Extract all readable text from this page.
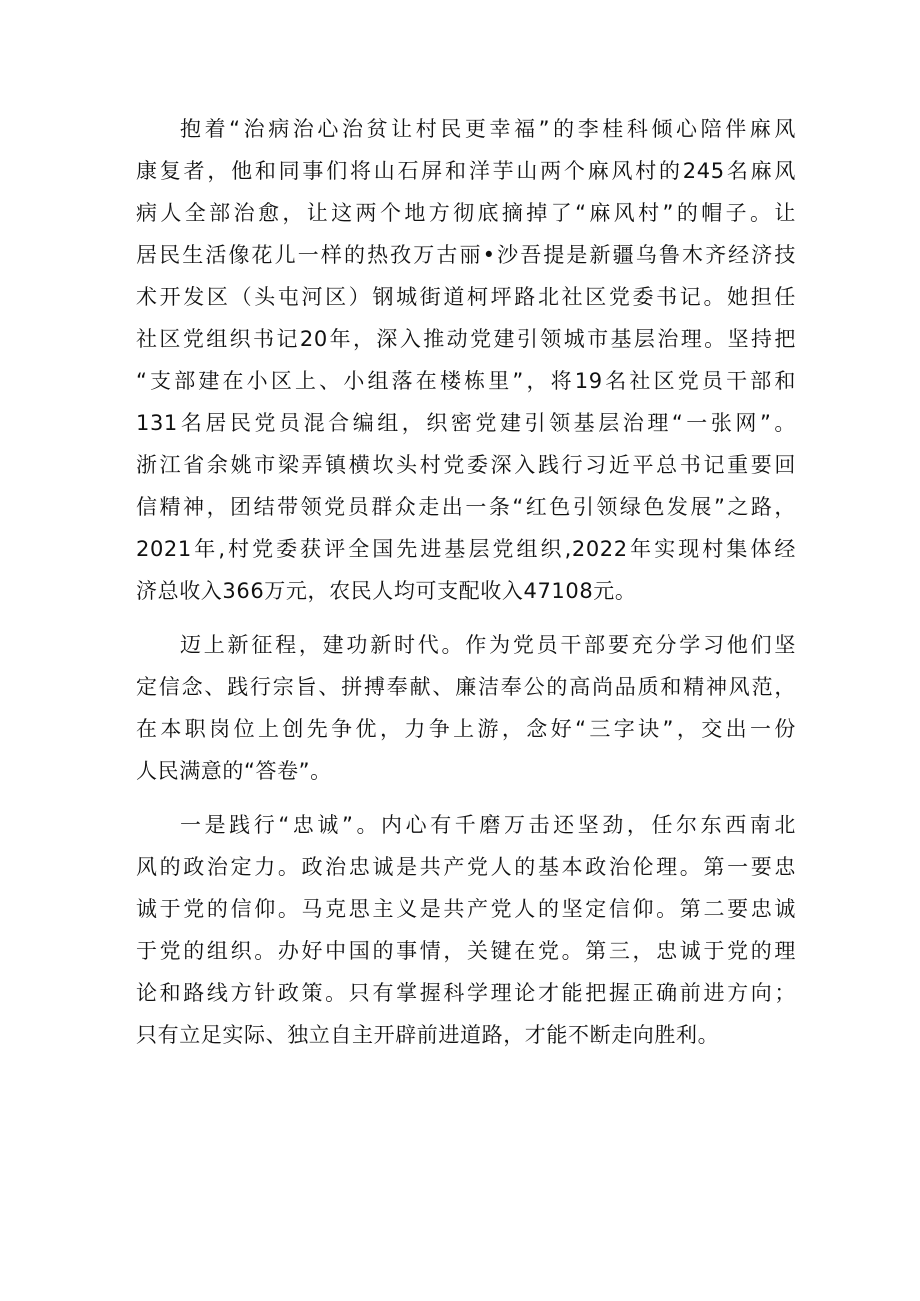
抱着“治病治心治贫让村民更幸福”的李桂科倾心陪伴麻风
康复者，他和同事们将山石屏和洋芋山两个麻风村的245名麻风
病人全部治愈，让这两个地方彻底摘掉了“麻风村”的帽子。让
居民生活像花儿一样的热孜万古丽•沙吾提是新疆乌鲁木齐经济技
术开发区（头屯河区）钢城街道柯坪路北社区党委书记。她担任
社区党组织书记20年，深入推动党建引领城市基层治理。坚持把
“支部建在小区上、小组落在楼栋里”，将19名社区党员干部和
131名居民党员混合编组，织密党建引领基层治理“一张网”。
浙江省余姚市梁弄镇横坎头村党委深入践行习近平总书记重要回
信精神，团结带领党员群众走出一条“红色引领绿色发展”之路，
2021年,村党委获评全国先进基层党组织,2022年实现村集体经
济总收入366万元，农民人均可支配收入47108元。
迈上新征程，建功新时代。作为党员干部要充分学习他们坚
定信念、践行宗旨、拼搏奉献、廉洁奉公的高尚品质和精神风范，
在本职岗位上创先争优，力争上游，念好“三字诀”，交出一份
人民满意的“答卷”。
一是践行“忠诚”。内心有千磨万击还坚劲，任尔东西南北
风的政治定力。政治忠诚是共产党人的基本政治伦理。第一要忠
诚于党的信仰。马克思主义是共产党人的坚定信仰。第二要忠诚
于党的组织。办好中国的事情，关键在党。第三，忠诚于党的理
论和路线方针政策。只有掌握科学理论才能把握正确前进方向；
只有立足实际、独立自主开辟前进道路，才能不断走向胜利。
